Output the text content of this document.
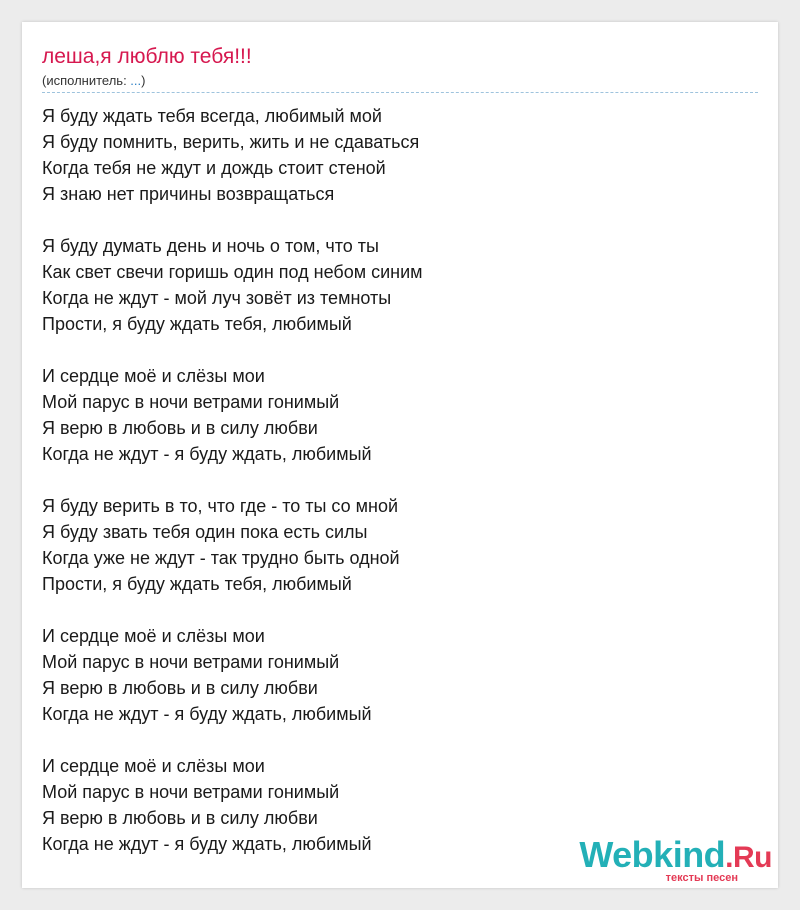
леша,я люблю тебя!!!
(исполнитель: ...)
Я буду ждать тебя всегда, любимый мой
Я буду помнить, верить, жить и не сдаваться
Когда тебя не ждут и дождь стоит стеной
Я знаю нет причины возвращаться
Я буду думать день и ночь о том, что ты
Как свет свечи горишь один под небом синим
Когда не ждут - мой луч зовёт из темноты
Прости, я буду ждать тебя, любимый
И сердце моё и слёзы мои
Мой парус в ночи ветрами гонимый
Я верю в любовь и в силу любви
Когда не ждут - я буду ждать, любимый
Я буду верить в то, что где - то ты со мной
Я буду звать тебя один пока есть силы
Когда уже не ждут - так трудно быть одной
Прости, я буду ждать тебя, любимый
И сердце моё и слёзы мои
Мой парус в ночи ветрами гонимый
Я верю в любовь и в силу любви
Когда не ждут - я буду ждать, любимый
И сердце моё и слёзы мои
Мой парус в ночи ветрами гонимый
Я верю в любовь и в силу любви
Когда не ждут - я буду ждать, любимый	Webkind.Ru
тексты песен
